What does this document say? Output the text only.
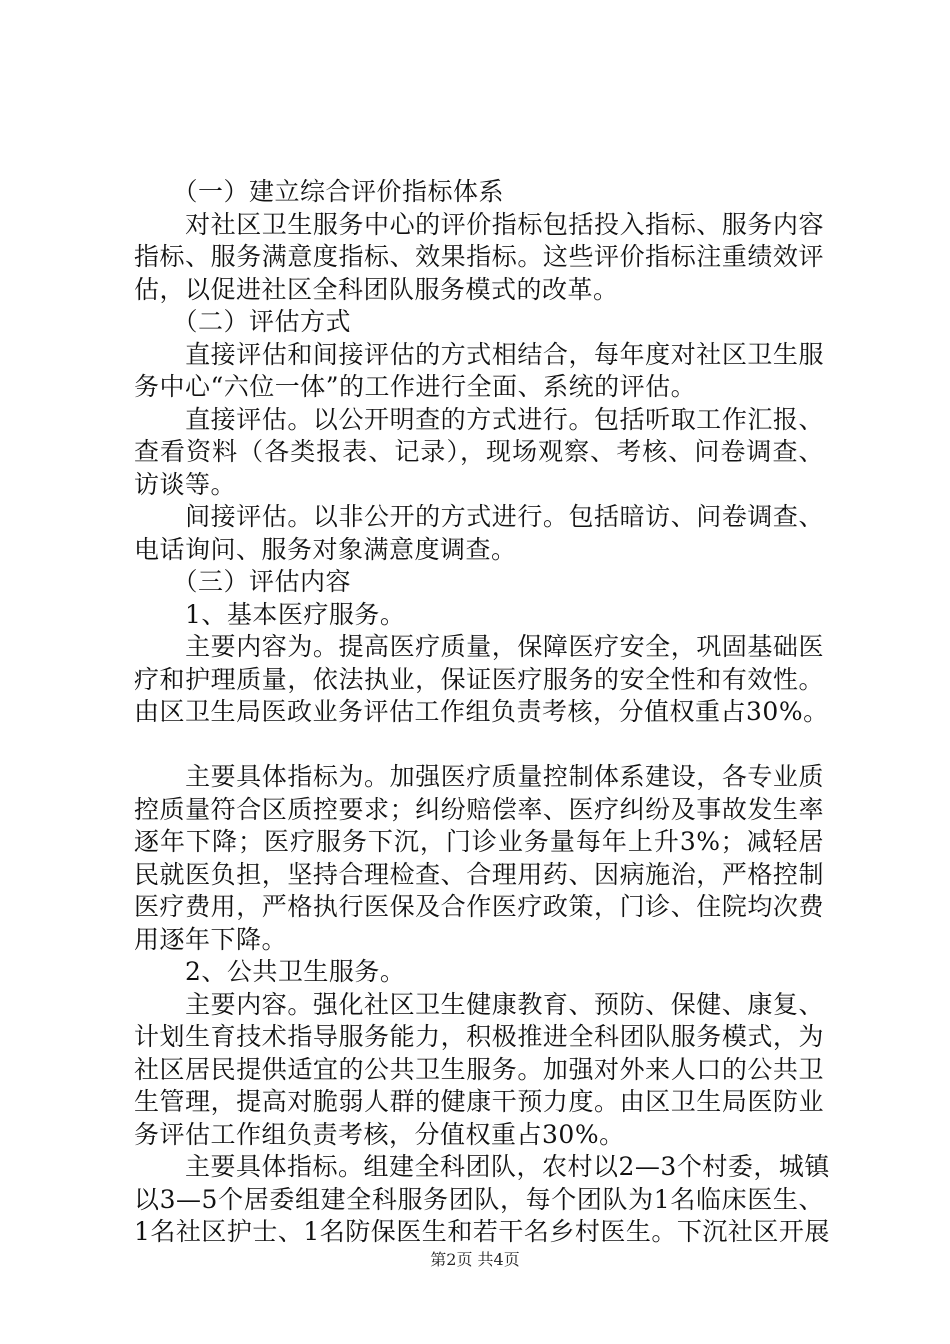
　　（一）建立综合评价指标体系
　　对社区卫生服务中心的评价指标包括投入指标、服务内容
指标、服务满意度指标、效果指标。这些评价指标注重绩效评
估，以促进社区全科团队服务模式的改革。
　　（二）评估方式
　　直接评估和间接评估的方式相结合，每年度对社区卫生服
务中心“六位一体”的工作进行全面、系统的评估。
　　直接评估。以公开明查的方式进行。包括听取工作汇报、
查看资料（各类报表、记录），现场观察、考核、问卷调查、
访谈等。
　　间接评估。以非公开的方式进行。包括暗访、问卷调查、
电话询问、服务对象满意度调查。
　　（三）评估内容
　　1、基本医疗服务。
　　主要内容为。提高医疗质量，保障医疗安全，巩固基础医
疗和护理质量，依法执业，保证医疗服务的安全性和有效性。
由区卫生局医政业务评估工作组负责考核，分值权重占30%。
　　主要具体指标为。加强医疗质量控制体系建设，各专业质
控质量符合区质控要求；纠纷赔偿率、医疗纠纷及事故发生率
逐年下降；医疗服务下沉，门诊业务量每年上升3%；减轻居
民就医负担，坚持合理检查、合理用药、因病施治，严格控制
医疗费用，严格执行医保及合作医疗政策，门诊、住院均次费
用逐年下降。
　　2、公共卫生服务。
　　主要内容。强化社区卫生健康教育、预防、保健、康复、
计划生育技术指导服务能力，积极推进全科团队服务模式，为
社区居民提供适宜的公共卫生服务。加强对外来人口的公共卫
生管理，提高对脆弱人群的健康干预力度。由区卫生局医防业
务评估工作组负责考核，分值权重占30%。
　　主要具体指标。组建全科团队，农村以2—3个村委，城镇
以3—5个居委组建全科服务团队，每个团队为1名临床医生、
1名社区护士、1名防保医生和若干名乡村医生。下沉社区开展
第2页 共4页
